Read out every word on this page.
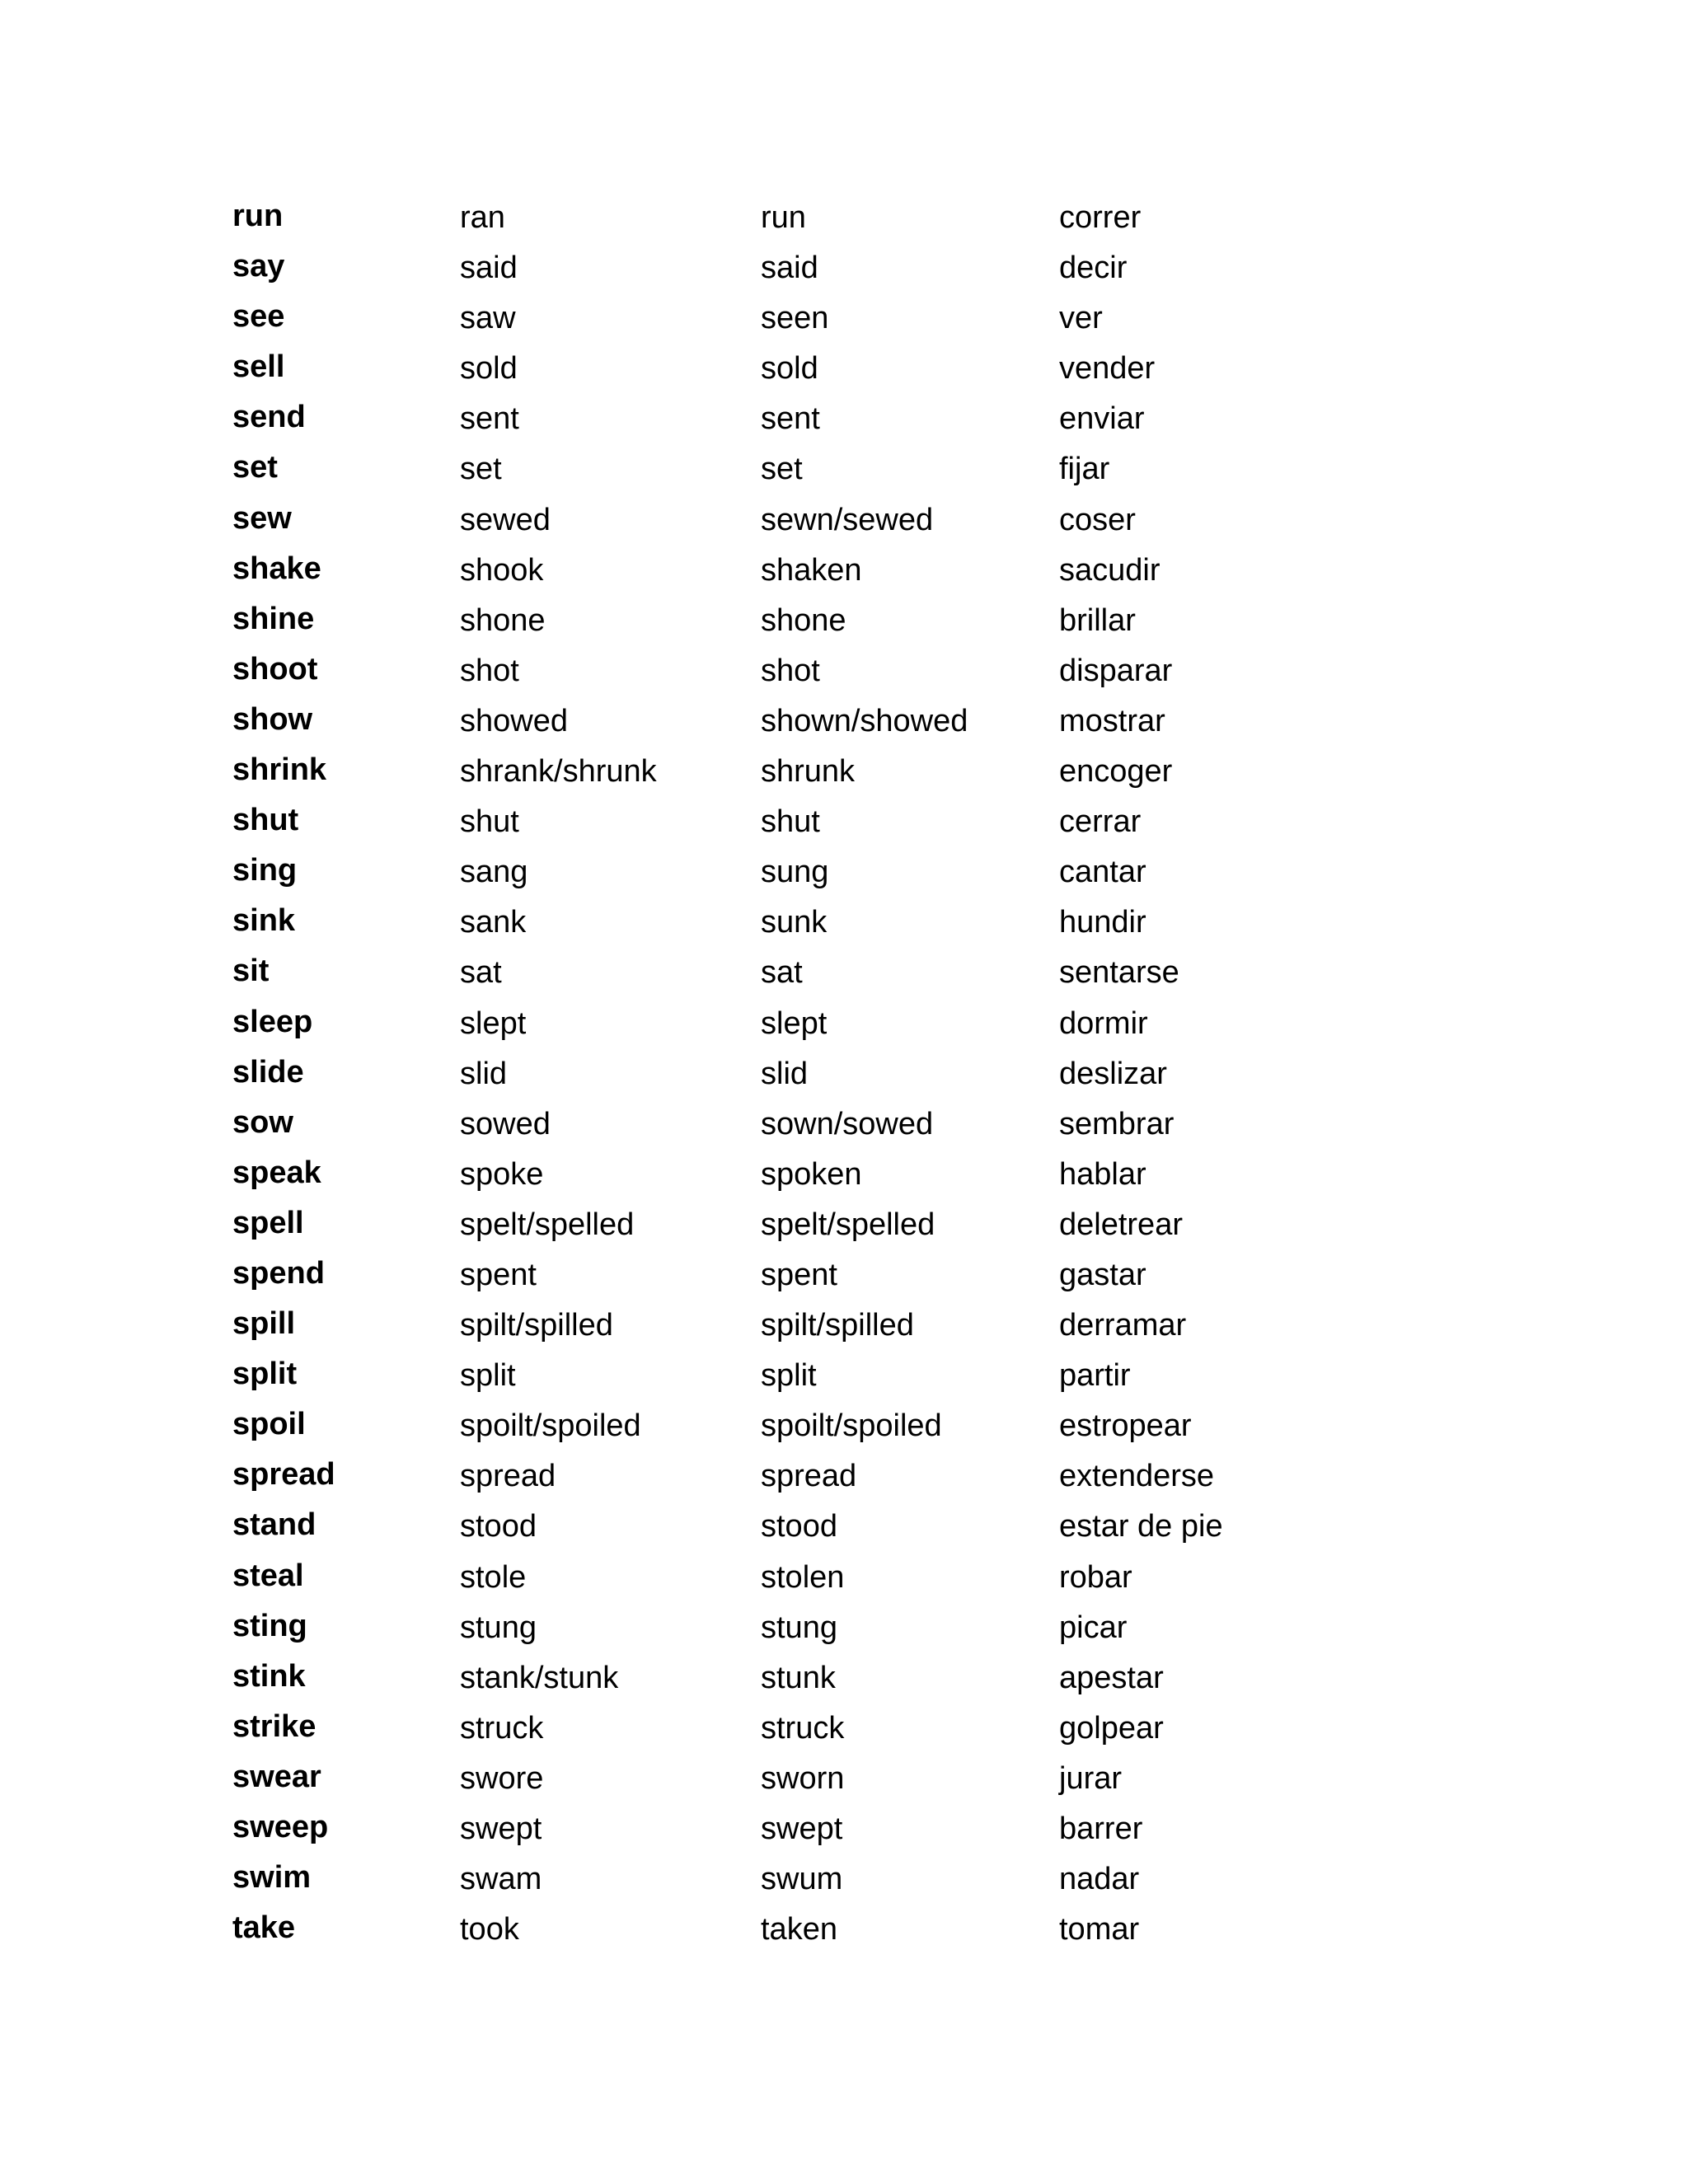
run	ran	run	correr
say	said	said	decir
see	saw	seen	ver
sell	sold	sold	vender
send	sent	sent	enviar
set	set	set	fijar
sew	sewed	sewn/sewed	coser
shake	shook	shaken	sacudir
shine	shone	shone	brillar
shoot	shot	shot	disparar
show	showed	shown/showed	mostrar
shrink	shrank/shrunk	shrunk	encoger
shut	shut	shut	cerrar
sing	sang	sung	cantar
sink	sank	sunk	hundir
sit	sat	sat	sentarse
sleep	slept	slept	dormir
slide	slid	slid	deslizar
sow	sowed	sown/sowed	sembrar
speak	spoke	spoken	hablar
spell	spelt/spelled	spelt/spelled	deletrear
spend	spent	spent	gastar
spill	spilt/spilled	spilt/spilled	derramar
split	split	split	partir
spoil	spoilt/spoiled	spoilt/spoiled	estropear
spread	spread	spread	extenderse
stand	stood	stood	estar de pie
steal	stole	stolen	robar
sting	stung	stung	picar
stink	stank/stunk	stunk	apestar
strike	struck	struck	golpear
swear	swore	sworn	jurar
sweep	swept	swept	barrer
swim	swam	swum	nadar
take	took	taken	tomar
